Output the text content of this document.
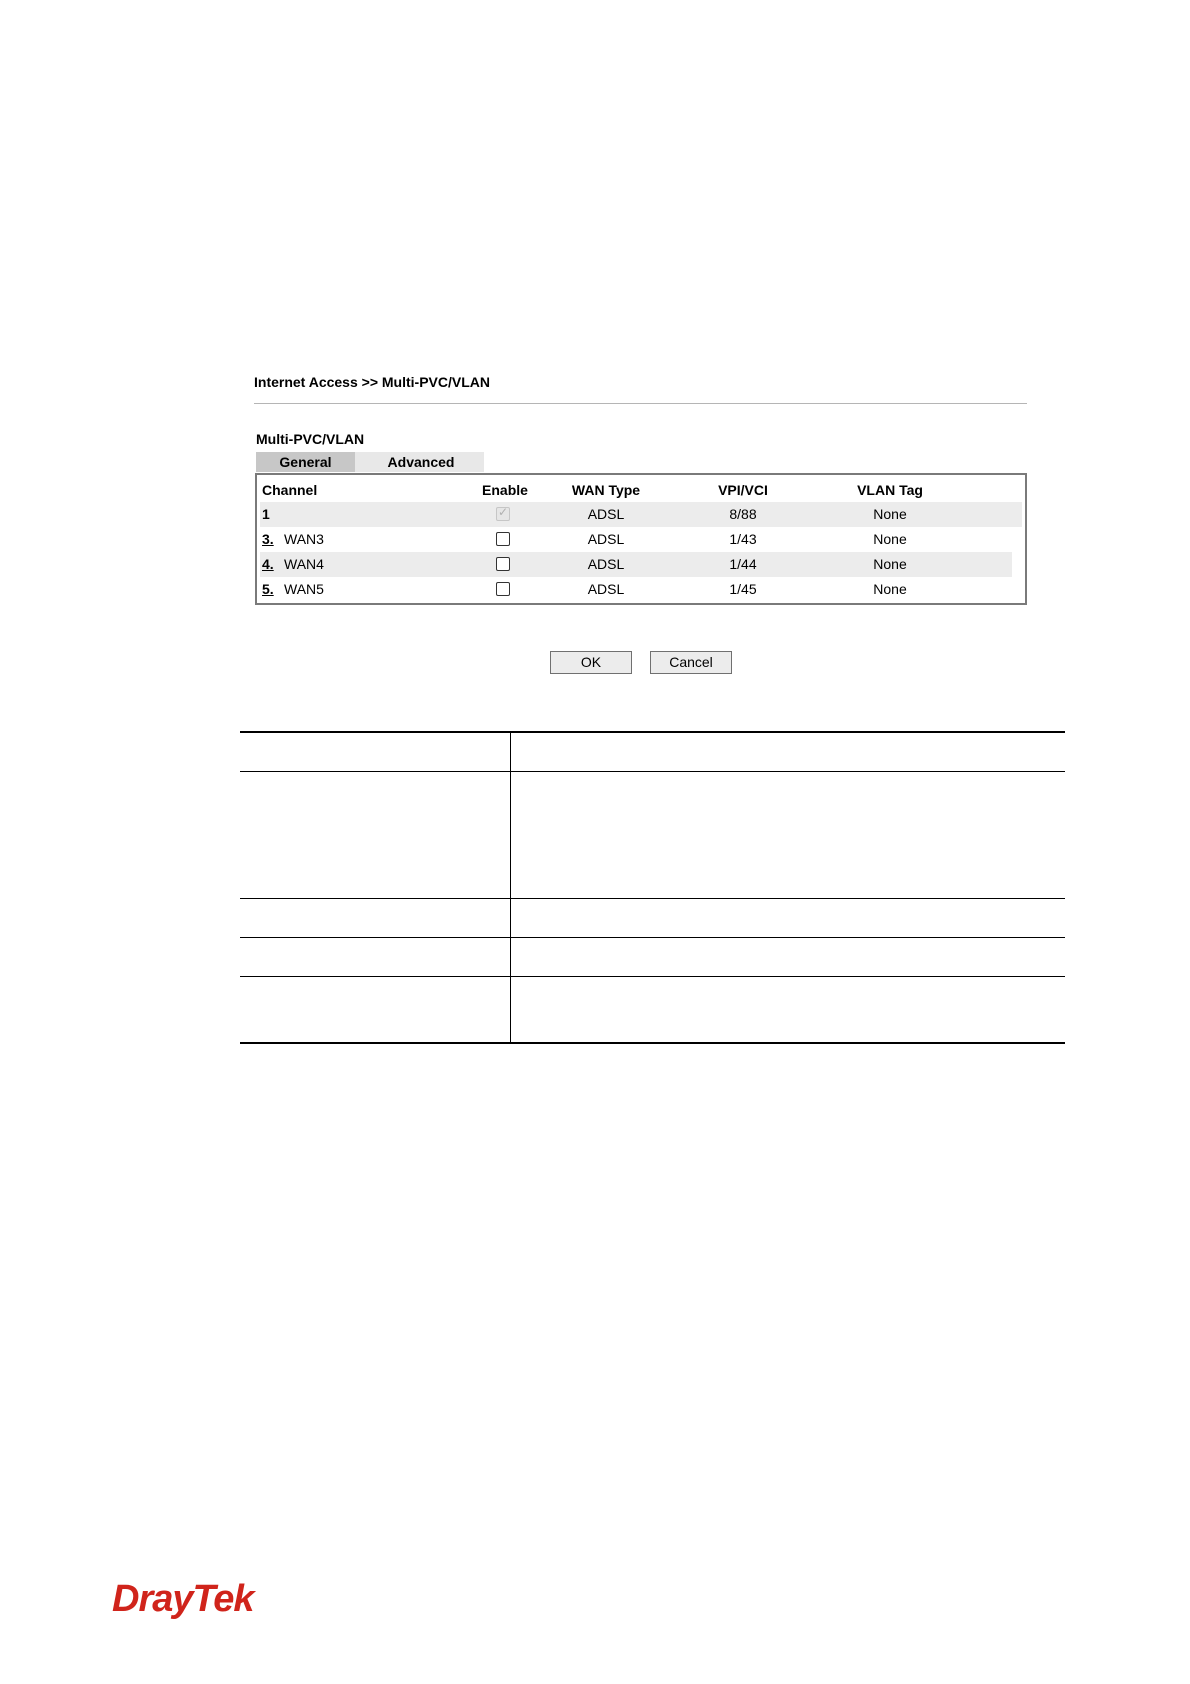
Internet Access >> Multi-PVC/VLAN
Multi-PVC/VLAN
General	Advanced
Channel	Enable	WAN Type	VPI/VCI	VLAN Tag
1
✓	ADSL	8/88	None
3. WAN3	ADSL	1/43	None
4. WAN4	ADSL	1/44	None
5. WAN5	ADSL	1/45	None
OK	Cancel
DrayTek
